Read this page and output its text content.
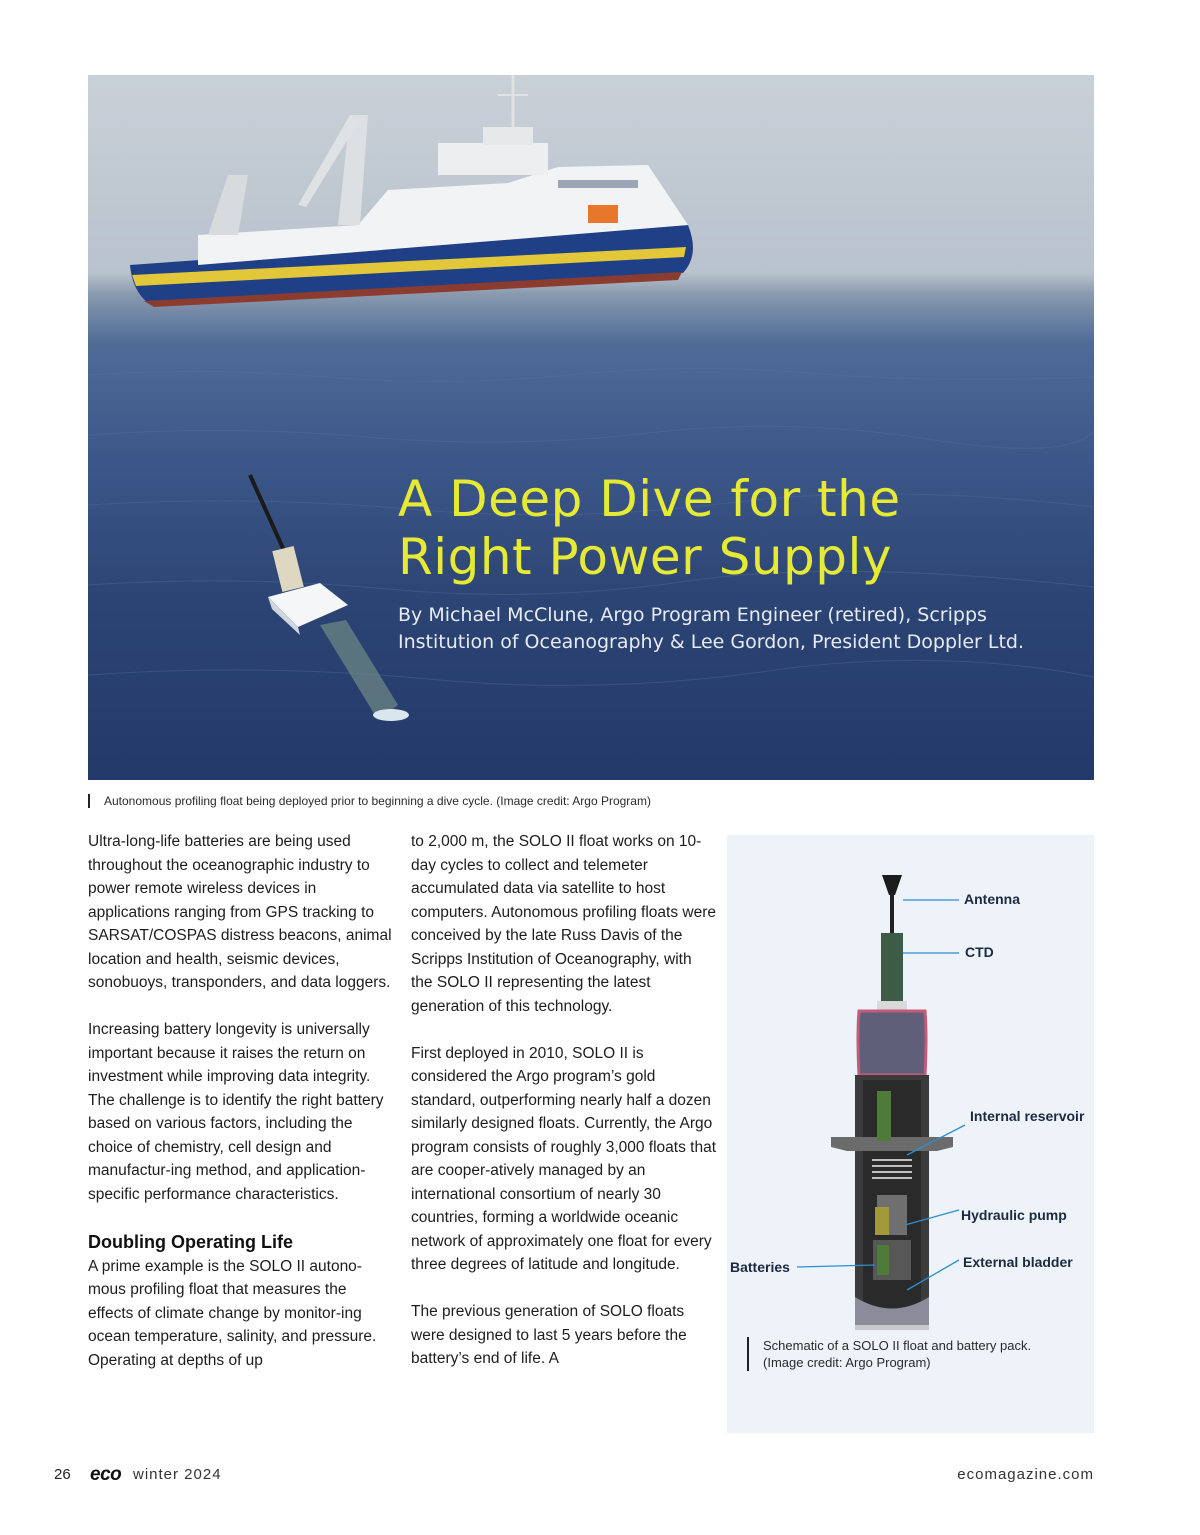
Ifremer
A Deep Dive for the
Right Power Supply
By Michael McClune, Argo Program Engineer (retired), Scripps
Institution of Oceanography & Lee Gordon, President Doppler Ltd.
Autonomous profiling float being deployed prior to beginning a dive cycle. (Image credit: Argo Program)

Ultra-long-life batteries are being used throughout the oceanographic industry to power remote wireless devices in applications ranging from GPS tracking to SARSAT/COSPAS distress beacons, animal location and health, seismic devices, sonobuoys, transponders, and data loggers.

Increasing battery longevity is universally important because it raises the return on investment while improving data integrity. The challenge is to identify the right battery based on various factors, including the choice of chemistry, cell design and manufactur-ing method, and application-specific performance characteristics.

Doubling Operating Life

A prime example is the SOLO II autono-mous profiling float that measures the effects of climate change by monitor-ing ocean temperature, salinity, and pressure. Operating at depths of up

to 2,000 m, the SOLO II float works on 10-day cycles to collect and telemeter accumulated data via satellite to host computers. Autonomous profiling floats were conceived by the late Russ Davis of the Scripps Institution of Oceanography, with the SOLO II representing the latest generation of this technology.

First deployed in 2010, SOLO II is considered the Argo program’s gold standard, outperforming nearly half a dozen similarly designed floats. Currently, the Argo program consists of roughly 3,000 floats that are cooper-atively managed by an international consortium of nearly 30 countries, forming a worldwide oceanic network of approximately one float for every three degrees of latitude and longitude.

The previous generation of SOLO floats were designed to last 5 years before the battery’s end of life. A

Antenna
CTD
Internal reservoir
Hydraulic pump
External bladder
Batteries
Schematic of a SOLO II float and battery pack. (Image credit: Argo Program)
26 eco winter 2024	ecomagazine.com
